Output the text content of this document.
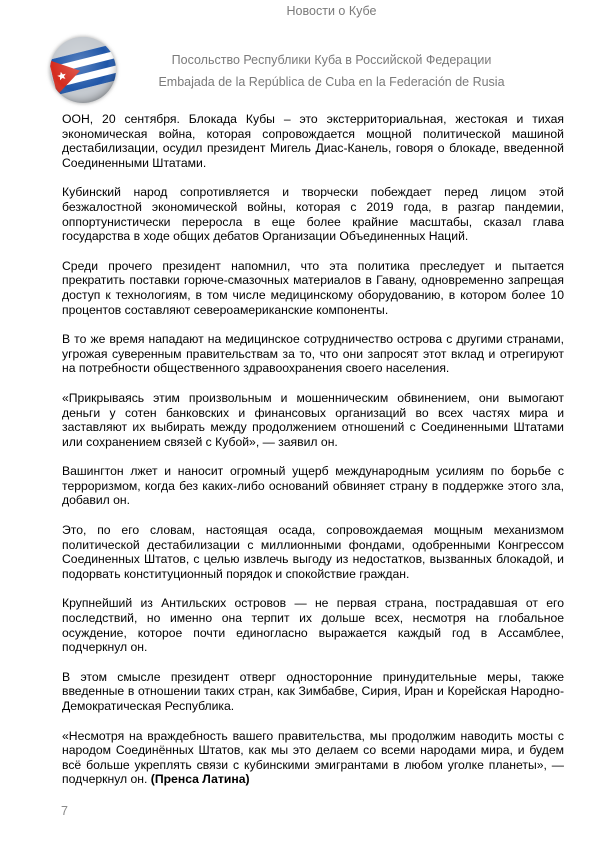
Новости о Кубе
Посольство Республики Куба в Российской Федерации
Embajada de la República de Cuba en la Federación de Rusia

ООН, 20 сентября. Блокада Кубы – это экстерриториальная, жестокая и тихая экономическая война, которая сопровождается мощной политической машиной дестабилизации, осудил президент Мигель Диас-Канель, говоря о блокаде, введенной Соединенными Штатами.

Кубинский народ сопротивляется и творчески побеждает перед лицом этой безжалостной экономической войны, которая с 2019 года, в разгар пандемии, оппортунистически переросла в еще более крайние масштабы, сказал глава государства в ходе общих дебатов Организации Объединенных Наций.

Среди прочего президент напомнил, что эта политика преследует и пытается прекратить поставки горюче-смазочных материалов в Гавану, одновременно запрещая доступ к технологиям, в том числе медицинскому оборудованию, в котором более 10 процентов составляют североамериканские компоненты.

В то же время нападают на медицинское сотрудничество острова с другими странами, угрожая суверенным правительствам за то, что они запросят этот вклад и отрегируют на потребности общественного здравоохранения своего населения.

«Прикрываясь этим произвольным и мошенническим обвинением, они вымогают деньги у сотен банковских и финансовых организаций во всех частях мира и заставляют их выбирать между продолжением отношений с Соединенными Штатами или сохранением связей с Кубой», — заявил он.

Вашингтон лжет и наносит огромный ущерб международным усилиям по борьбе с терроризмом, когда без каких-либо оснований обвиняет страну в поддержке этого зла, добавил он.

Это, по его словам, настоящая осада, сопровождаемая мощным механизмом политической дестабилизации с миллионными фондами, одобренными Конгрессом Соединенных Штатов, с целью извлечь выгоду из недостатков, вызванных блокадой, и подорвать конституционный порядок и спокойствие граждан.

Крупнейший из Антильских островов — не первая страна, пострадавшая от его последствий, но именно она терпит их дольше всех, несмотря на глобальное осуждение, которое почти единогласно выражается каждый год в Ассамблее, подчеркнул он.

В этом смысле президент отверг односторонние принудительные меры, также введенные в отношении таких стран, как Зимбабве, Сирия, Иран и Корейская Народно-Демократическая Республика.

«Несмотря на враждебность вашего правительства, мы продолжим наводить мосты с народом Соединённых Штатов, как мы это делаем со всеми народами мира, и будем всё больше укреплять связи с кубинскими эмигрантами в любом уголке планеты», — подчеркнул он. (Пренса Латина)

7
